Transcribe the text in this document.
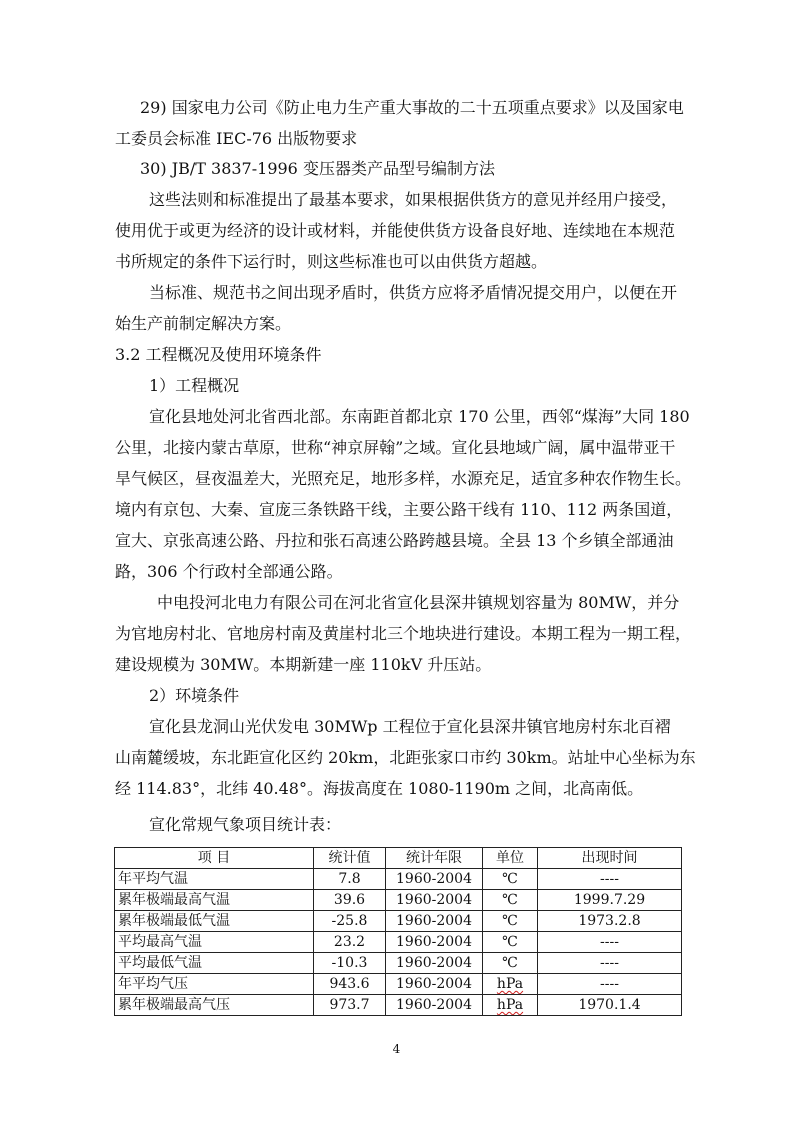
29) 国家电力公司《防止电力生产重大事故的二十五项重点要求》以及国家电
工委员会标准 IEC-76 出版物要求
30) JB/T 3837-1996 变压器类产品型号编制方法
这些法则和标准提出了最基本要求，如果根据供货方的意见并经用户接受，
使用优于或更为经济的设计或材料，并能使供货方设备良好地、连续地在本规范
书所规定的条件下运行时，则这些标准也可以由供货方超越。
当标准、规范书之间出现矛盾时，供货方应将矛盾情况提交用户，以便在开
始生产前制定解决方案。
3.2 工程概况及使用环境条件
1）工程概况
宣化县地处河北省西北部。东南距首都北京 170 公里，西邻“煤海”大同 180
公里，北接内蒙古草原，世称“神京屏翰”之域。宣化县地域广阔，属中温带亚干
旱气候区，昼夜温差大，光照充足，地形多样，水源充足，适宜多种农作物生长。
境内有京包、大秦、宣庞三条铁路干线，主要公路干线有 110、112 两条国道，
宣大、京张高速公路、丹拉和张石高速公路跨越县境。全县 13 个乡镇全部通油
路，306 个行政村全部通公路。
中电投河北电力有限公司在河北省宣化县深井镇规划容量为 80MW，并分
为官地房村北、官地房村南及黄崖村北三个地块进行建设。本期工程为一期工程，
建设规模为 30MW。本期新建一座 110kV 升压站。
2）环境条件
宣化县龙洞山光伏发电 30MWp 工程位于宣化县深井镇官地房村东北百褶
山南麓缓坡，东北距宣化区约 20km，北距张家口市约 30km。站址中心坐标为东
经 114.83°，北纬 40.48°。海拔高度在 1080-1190m 之间，北高南低。
宣化常规气象项目统计表：
项 目	统计值	统计年限	单位	出现时间
年平均气温	7.8	1960-2004	℃	----
累年极端最高气温	39.6	1960-2004	℃	1999.7.29
累年极端最低气温	-25.8	1960-2004	℃	1973.2.8
平均最高气温	23.2	1960-2004	℃	----
平均最低气温	-10.3	1960-2004	℃	----
年平均气压	943.6	1960-2004	hPa	----
累年极端最高气压	973.7	1960-2004	hPa	1970.1.4
4
